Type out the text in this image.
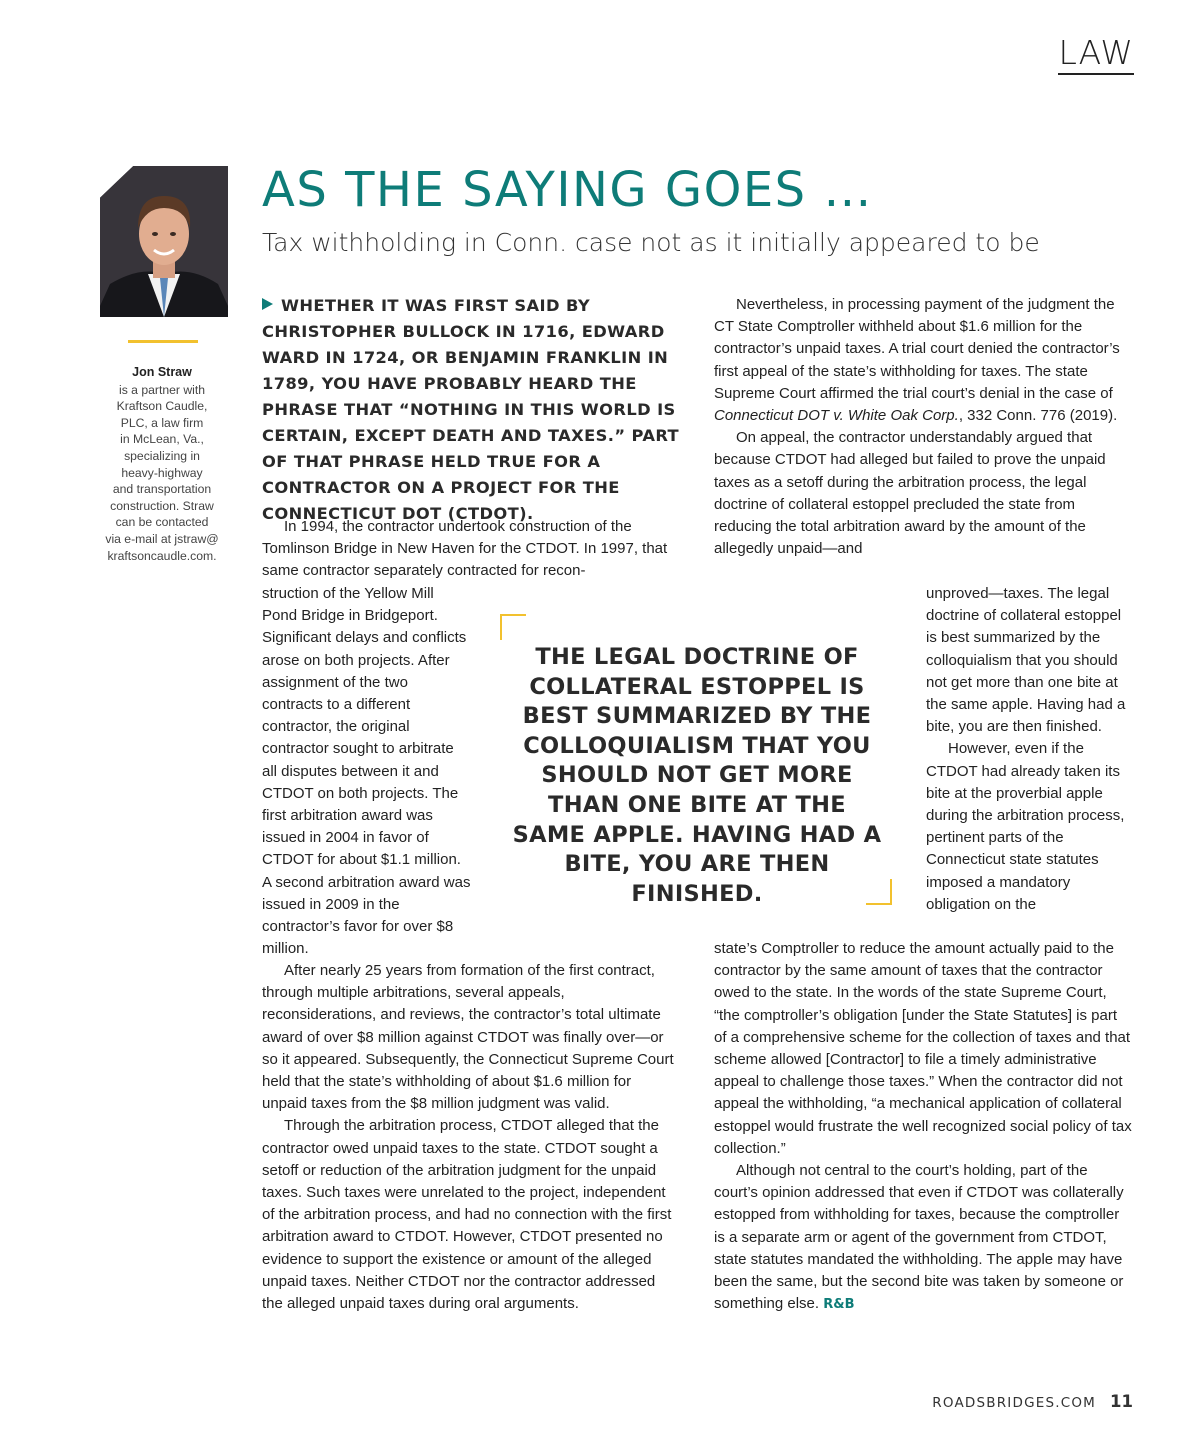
LAW
Jon Straw
is a partner with
Kraftson Caudle,
PLC, a law firm
in McLean, Va.,
specializing in
heavy-highway
and transportation
construction. Straw
can be contacted
via e-mail at jstraw@
kraftsoncaudle.com.
AS THE SAYING GOES …
Tax withholding in Conn. case not as it initially appeared to be
WHETHER IT WAS FIRST SAID BY CHRISTOPHER BULLOCK IN 1716, EDWARD WARD IN 1724, OR BENJAMIN FRANKLIN IN 1789, YOU HAVE PROBABLY HEARD THE PHRASE THAT “NOTHING IN THIS WORLD IS CERTAIN, EXCEPT DEATH AND TAXES.” PART OF THAT PHRASE HELD TRUE FOR A CONTRACTOR ON A PROJECT FOR THE CONNECTICUT DOT (CTDOT).

In 1994, the contractor undertook construction of the Tomlinson Bridge in New Haven for the CTDOT. In 1997, that same contractor separately contracted for recon-

struction of the Yellow Mill Pond Bridge in Bridgeport. Significant delays and conflicts arose on both projects. After assignment of the two contracts to a different contractor, the original contractor sought to arbitrate all disputes between it and CTDOT on both projects. The first arbitration award was issued in 2004 in favor of CTDOT for about $1.1 million. A second arbitration award was issued in 2009 in the contractor’s favor for over $8 million.

After nearly 25 years from formation of the first contract, through multiple arbitrations, several appeals, reconsiderations, and reviews, the contractor’s total ultimate award of over $8 million against CTDOT was finally over—or so it appeared. Subsequently, the Connecticut Supreme Court held that the state’s withholding of about $1.6 million for unpaid taxes from the $8 million judgment was valid.

Through the arbitration process, CTDOT alleged that the contractor owed unpaid taxes to the state. CTDOT sought a setoff or reduction of the arbitration judgment for the unpaid taxes. Such taxes were unrelated to the project, independent of the arbitration process, and had no connection with the first arbitration award to CTDOT. However, CTDOT presented no evidence to support the existence or amount of the alleged unpaid taxes. Neither CTDOT nor the contractor addressed the alleged unpaid taxes during oral arguments.

THE LEGAL DOCTRINE OF COLLATERAL ESTOPPEL IS BEST SUMMARIZED BY THE COLLOQUIALISM THAT YOU SHOULD NOT GET MORE THAN ONE BITE AT THE SAME APPLE. HAVING HAD A BITE, YOU ARE THEN FINISHED.

Nevertheless, in processing payment of the judgment the CT State Comptroller withheld about $1.6 million for the contractor’s unpaid taxes. A trial court denied the contractor’s first appeal of the state’s withholding for taxes. The state Supreme Court affirmed the trial court’s denial in the case of Connecticut DOT v. White Oak Corp., 332 Conn. 776 (2019).

On appeal, the contractor understandably argued that because CTDOT had alleged but failed to prove the unpaid taxes as a setoff during the arbitration process, the legal doctrine of collateral estoppel precluded the state from reducing the total arbitration award by the amount of the allegedly unpaid—and

unproved—taxes. The legal doctrine of collateral estoppel is best summarized by the colloquialism that you should not get more than one bite at the same apple. Having had a bite, you are then finished.

However, even if the CTDOT had already taken its bite at the proverbial apple during the arbitration process, pertinent parts of the Connecticut state statutes imposed a mandatory obligation on the

state’s Comptroller to reduce the amount actually paid to the contractor by the same amount of taxes that the contractor owed to the state. In the words of the state Supreme Court, “the comptroller’s obligation [under the State Statutes] is part of a comprehensive scheme for the collection of taxes and that scheme allowed [Contractor] to file a timely administrative appeal to challenge those taxes.” When the contractor did not appeal the withholding, “a mechanical application of collateral estoppel would frustrate the well recognized social policy of tax collection.”

Although not central to the court’s holding, part of the court’s opinion addressed that even if CTDOT was collaterally estopped from withholding for taxes, because the comptroller is a separate arm or agent of the government from CTDOT, state statutes mandated the withholding. The apple may have been the same, but the second bite was taken by someone or something else. R&B

ROADSBRIDGES.COM 11
